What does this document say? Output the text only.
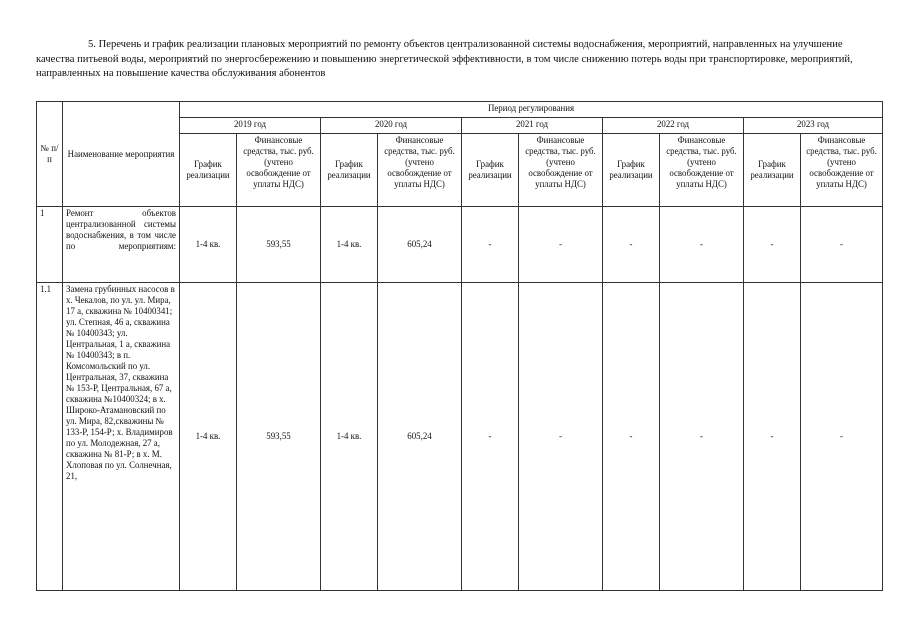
5. Перечень и график реализации плановых мероприятий по ремонту объектов централизованной системы водоснабжения, мероприятий, направленных на улучшение качества питьевой воды, мероприятий по энергосбережению и повышению энергетической эффективности, в том числе снижению потерь воды при транспортировке, мероприятий, направленных на повышение качества обслуживания абонентов
№ п/п	Наименование мероприятия	Период регулирования									
		2019 год		2020 год		2021 год		2022 год		2023 год	
		График реализации	Финансовые средства, тыс. руб. (учтено освобождение от уплаты НДС)	График реализации	Финансовые средства, тыс. руб. (учтено освобождение от уплаты НДС)	График реализации	Финансовые средства, тыс. руб. (учтено освобождение от уплаты НДС)	График реализации	Финансовые средства, тыс. руб. (учтено освобождение от уплаты НДС)	График реализации	Финансовые средства, тыс. руб. (учтено освобождение от уплаты НДС)
1	Ремонт объектов централизованной системы водоснабжения, в том числе по мероприятиям:	1-4 кв.	593,55	1-4 кв.	605,24	-	-	-	-	-	-
1.1	Замена грубинных насосов в х. Чекалов, по ул. ул. Мира, 17 а, скважина № 10400341; ул. Степная, 46 а, скважина № 10400343; ул. Центральная, 1 а, скважина № 10400343; в п. Комсомольский по ул. Центральная, 37, скважина № 153-Р, Центральная, 67 а, скважина №10400324; в х. Широко-Атамановский по ул. Мира, 82,скважины № 133-Р, 154-Р; х. Владимиров по ул. Молодежная, 27 а, скважина № 81-Р; в х. М. Хлоповая по ул. Солнечная, 21,	1-4 кв.	593,55	1-4 кв.	605,24	-	-	-	-	-	-
